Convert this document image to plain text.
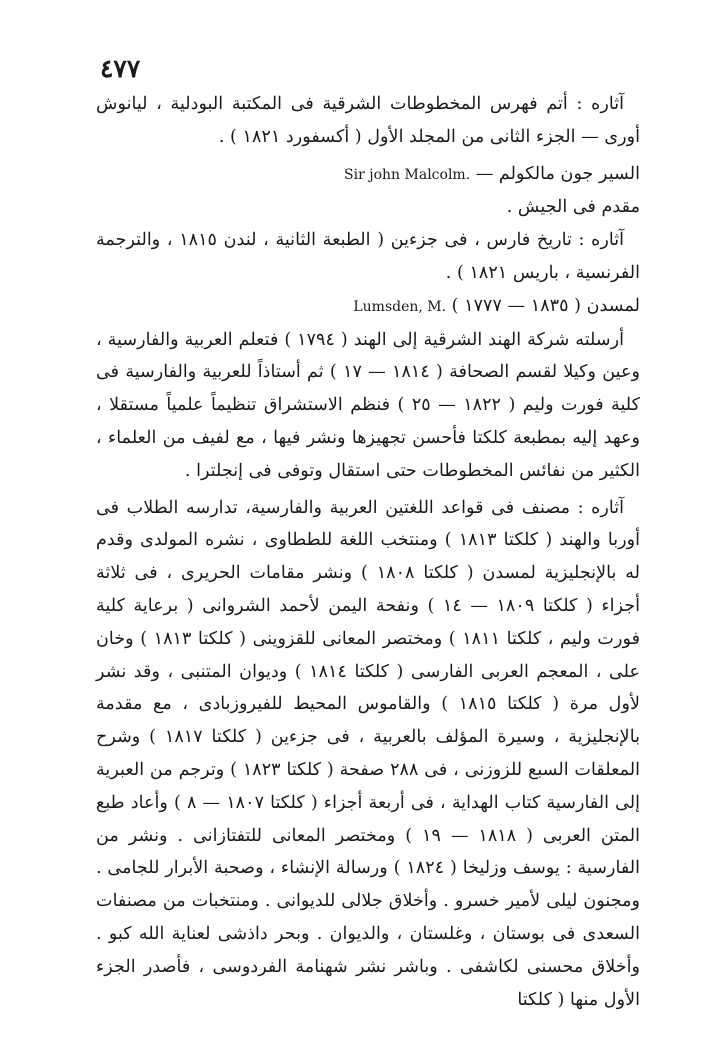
٤٧٧

آثاره : أتم فهرس المخطوطات الشرقية فى المكتبة البودلية ، ليانوش أورى — الجزء الثانى من المجلد الأول ( أكسفورد ١٨٢١ ) .

السير جون مالكولم — Sir john Malcolm.

مقدم فى الجيش .

آثاره : تاريخ فارس ، فى جزءين ( الطبعة الثانية ، لندن ١٨١٥ ، والترجمة الفرنسية ، باريس ١٨٢١ ) .

لمسدن ( ١٨٣٥ — ١٧٧٧ ) Lumsden, M.

أرسلته شركة الهند الشرقية إلى الهند ( ١٧٩٤ ) فتعلم العربية والفارسية ، وعين وكيلا لقسم الصحافة ( ١٨١٤ — ١٧ ) ثم أستاذاً للعربية والفارسية فى كلية فورت وليم ( ١٨٢٢ — ٢٥ ) فنظم الاستشراق تنظيماً علمياً مستقلا ، وعهد إليه بمطبعة كلكتا فأحسن تجهيزها ونشر فيها ، مع لفيف من العلماء ، الكثير من نفائس المخطوطات حتى استقال وتوفى فى إنجلترا .

آثاره : مصنف فى قواعد اللغتين العربية والفارسية، تدارسه الطلاب فى أوربا والهند ( كلكتا ١٨١٣ ) ومنتخب اللغة للططاوى ، نشره المولدى وقدم له بالإنجليزية لمسدن ( كلكتا ١٨٠٨ ) ونشر مقامات الحريرى ، فى ثلاثة أجزاء ( كلكتا ١٨٠٩ — ١٤ ) ونفحة اليمن لأحمد الشروانى ( برعاية كلية فورت وليم ، كلكتا ١٨١١ ) ومختصر المعانى للقزوينى ( كلكتا ١٨١٣ ) وخان على ، المعجم العربى الفارسى ( كلكتا ١٨١٤ ) وديوان المتنبى ، وقد نشر لأول مرة ( كلكتا ١٨١٥ ) والقاموس المحيط للفيروزبادى ، مع مقدمة بالإنجليزية ، وسيرة المؤلف بالعربية ، فى جزءين ( كلكتا ١٨١٧ ) وشرح المعلقات السبع للزوزنى ، فى ٢٨٨ صفحة ( كلكتا ١٨٢٣ ) وترجم من العبرية إلى الفارسية كتاب الهداية ، فى أربعة أجزاء ( كلكتا ١٨٠٧ — ٨ ) وأعاد طبع المتن العربى ( ١٨١٨ — ١٩ ) ومختصر المعانى للتفتازانى . ونشر من الفارسية : يوسف وزليخا ( ١٨٢٤ ) ورسالة الإنشاء ، وصحبة الأبرار للجامى . ومجنون ليلى لأمير خسرو . وأخلاق جلالى للديوانى . ومنتخبات من مصنفات السعدى فى بوستان ، وغلستان ، والديوان . وبحر داذشى لعناية الله كبو . وأخلاق محسنى لكاشفى . وباشر نشر شهنامة الفردوسى ، فأصدر الجزء الأول منها ( كلكتا
